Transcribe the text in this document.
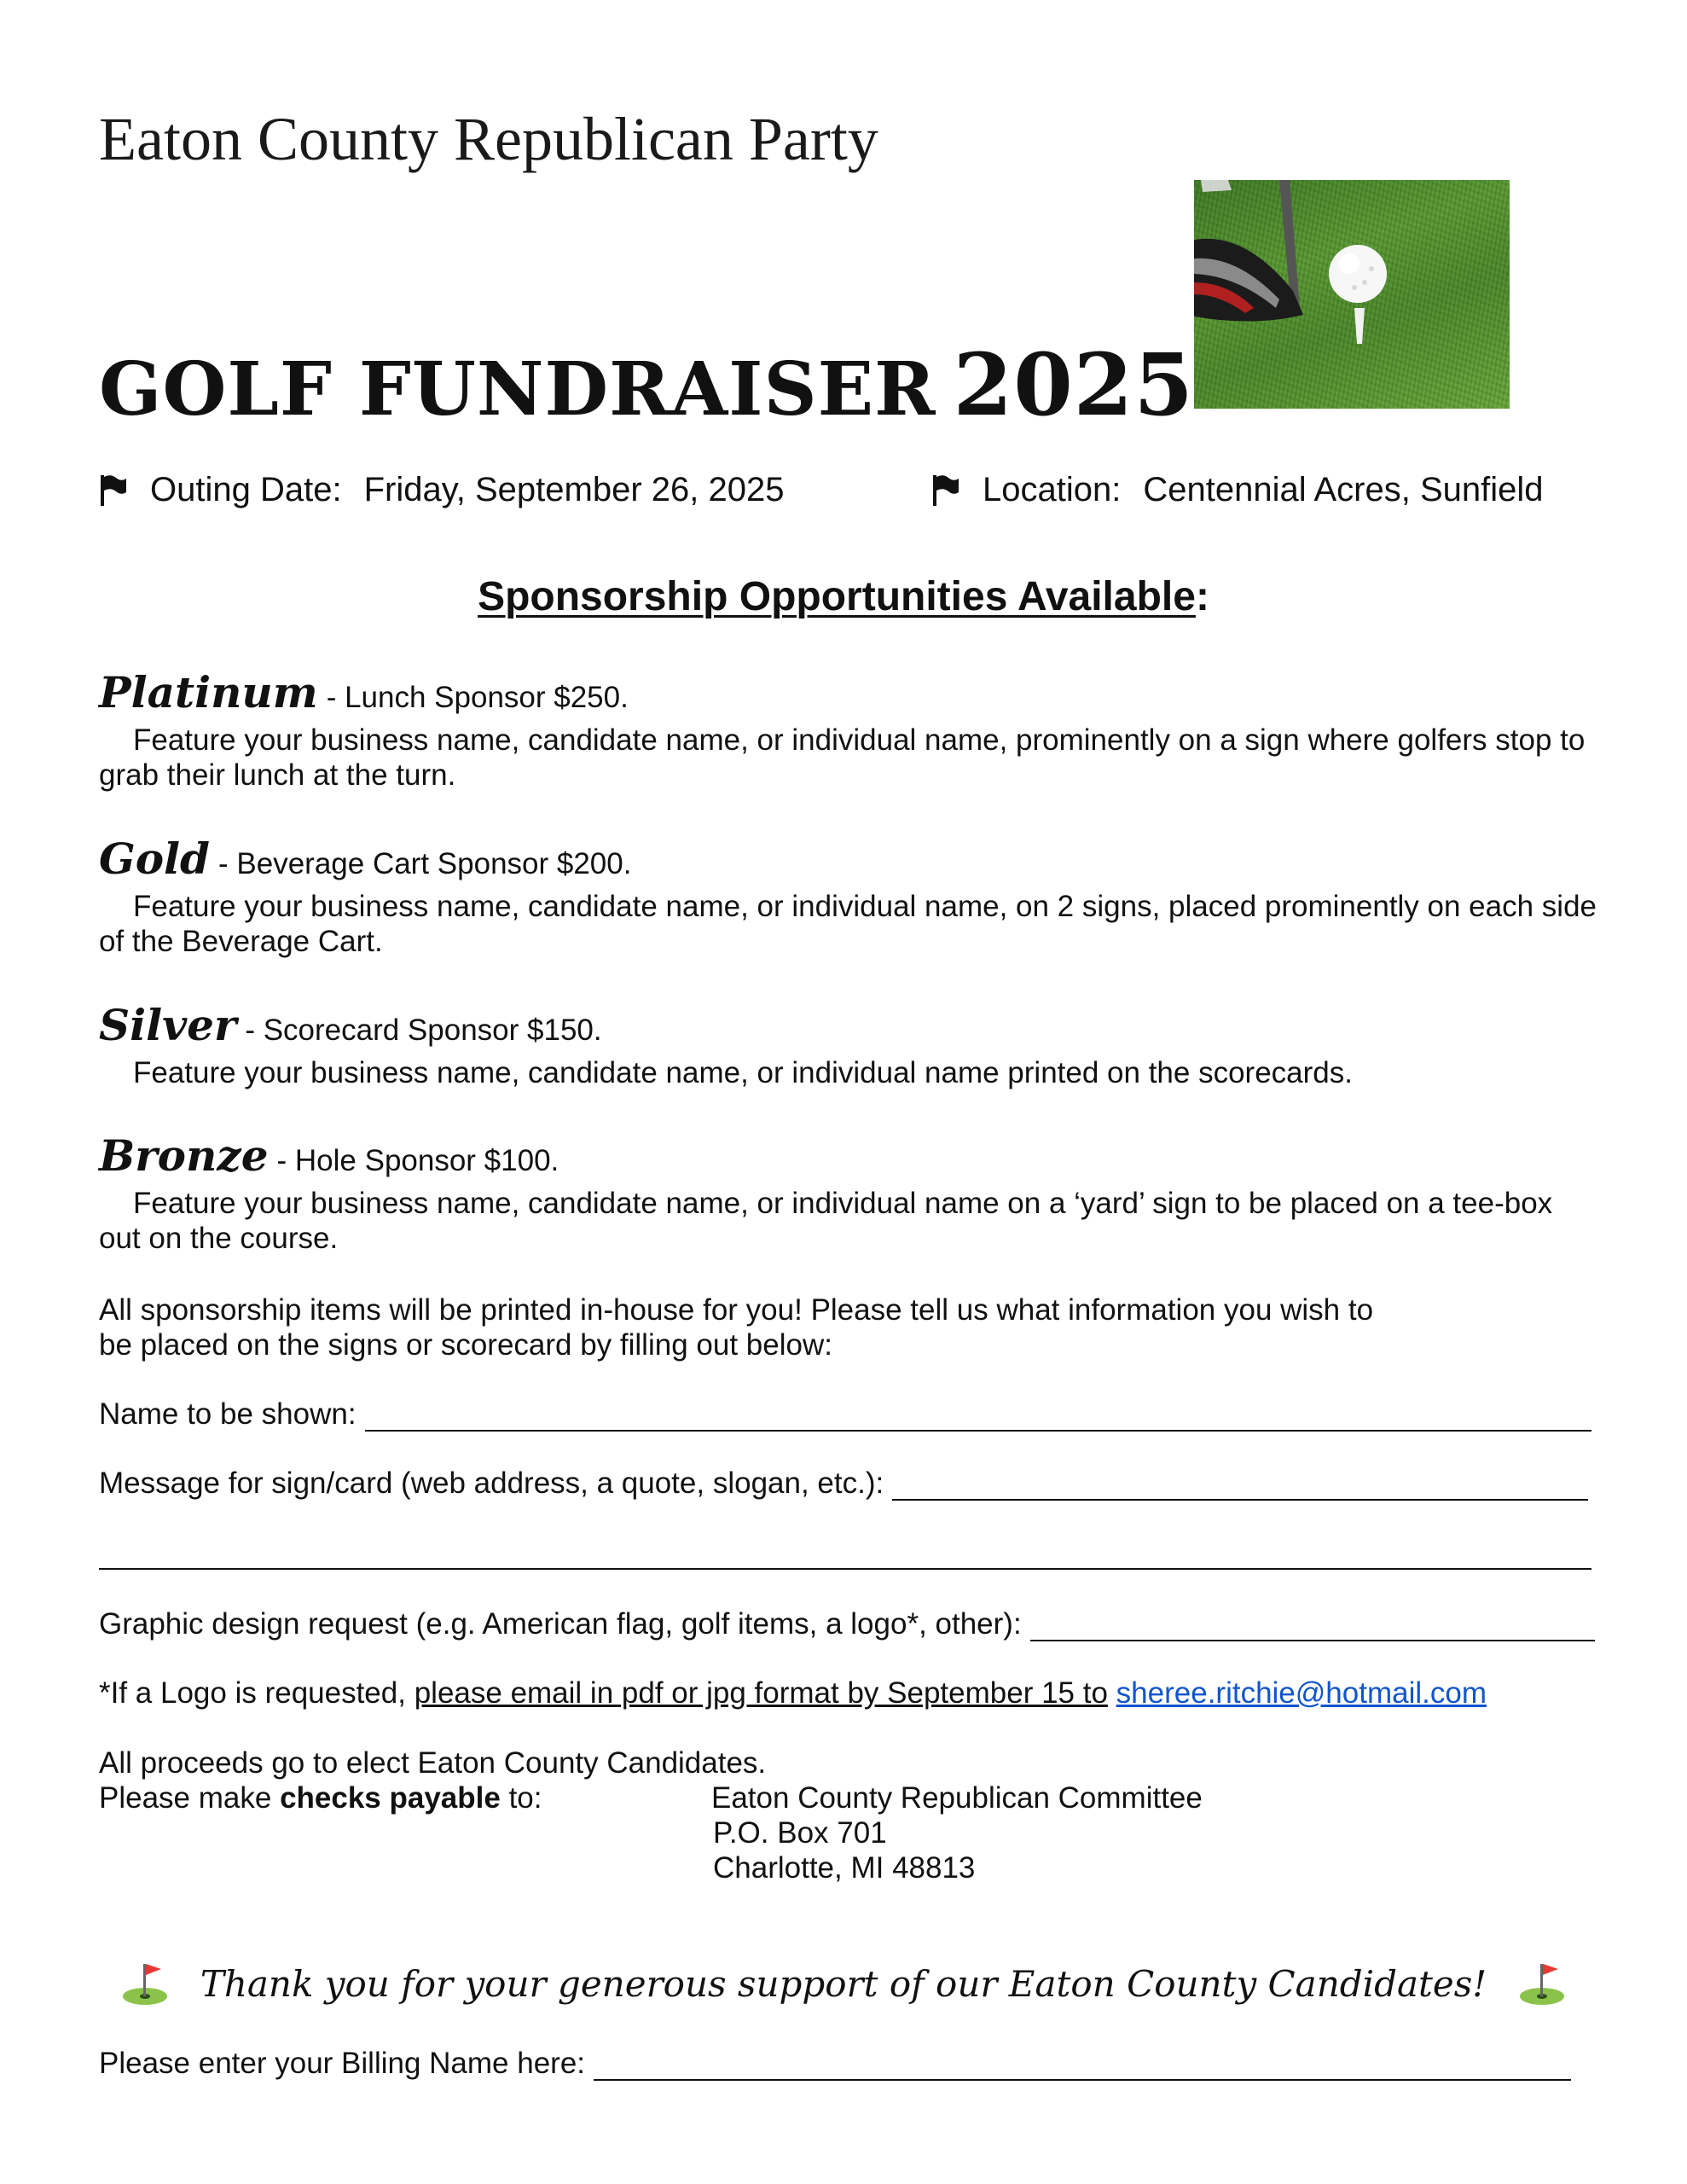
Eaton County Republican Party
GOLF FUNDRAISER 2025
Outing Date: Friday, September 26, 2025	Location: Centennial Acres, Sunfield
Sponsorship Opportunities Available:
Platinum - Lunch Sponsor $250.
Feature your business name, candidate name, or individual name, prominently on a sign where golfers stop to grab their lunch at the turn.
Gold - Beverage Cart Sponsor $200.
Feature your business name, candidate name, or individual name, on 2 signs, placed prominently on each side of the Beverage Cart.
Silver - Scorecard Sponsor $150.
Feature your business name, candidate name, or individual name printed on the scorecards.
Bronze - Hole Sponsor $100.
Feature your business name, candidate name, or individual name on a ‘yard’ sign to be placed on a tee-box out on the course.
All sponsorship items will be printed in-house for you! Please tell us what information you wish to
be placed on the signs or scorecard by filling out below:
Name to be shown:
Message for sign/card (web address, a quote, slogan, etc.):
Graphic design request (e.g. American flag, golf items, a logo*, other):
*If a Logo is requested, please email in pdf or jpg format by September 15 to sheree.ritchie@hotmail.com
All proceeds go to elect Eaton County Candidates.
Please make checks payable to:	Eaton County Republican Committee
P.O. Box 701
Charlotte, MI 48813
Thank you for your generous support of our Eaton County Candidates!
Please enter your Billing Name here:
